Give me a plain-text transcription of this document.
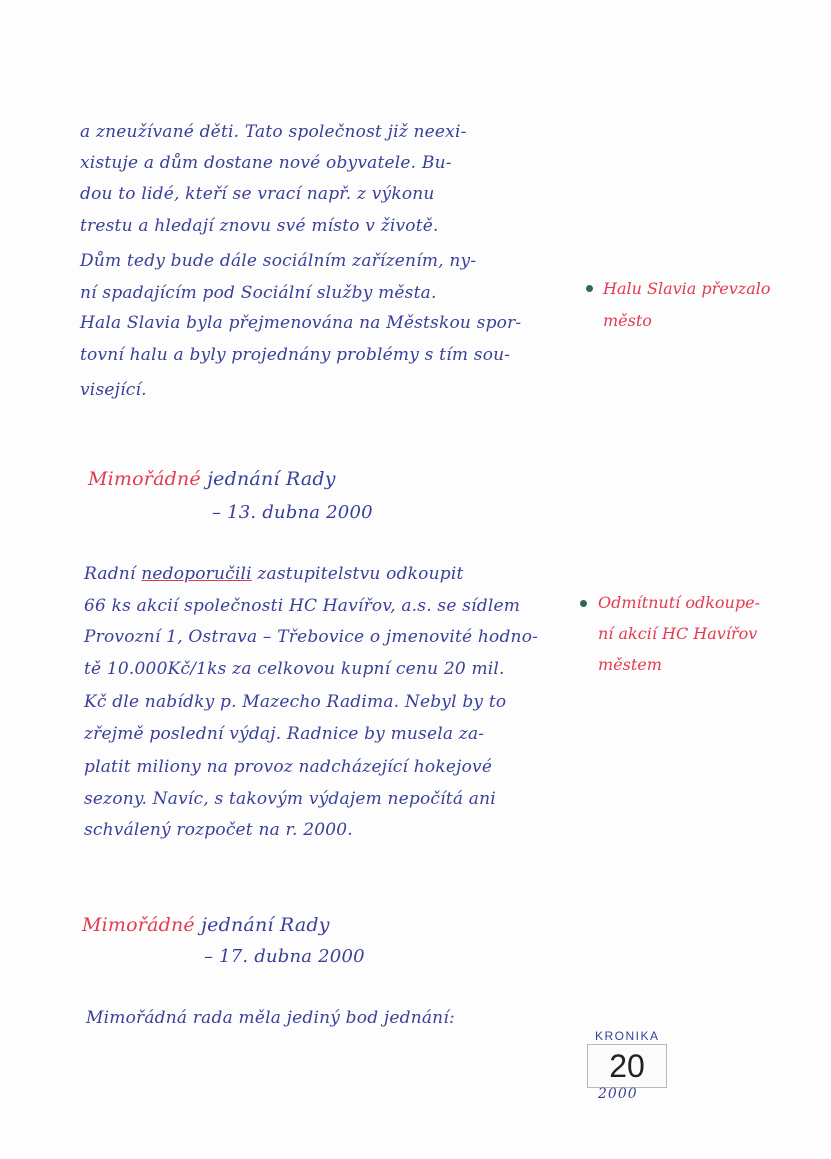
a zneužívané děti. Tato společnost již neexi-
xistuje a dům dostane nové obyvatele. Bu-
dou to lidé, kteří se vrací např. z výkonu
trestu a hledají znovu své místo v životě.
Dům tedy bude dále sociálním zařízením, ny-
ní spadajícím pod Sociální služby města.
Hala Slavia byla přejmenována na Městskou spor-
tovní halu a byly projednány problémy s tím sou-
visející.
Halu Slavia převzalo
město
Mimořádné jednání Rady
– 13. dubna 2000
Radní nedoporučili zastupitelstvu odkoupit
66 ks akcií společnosti HC Havířov, a.s. se sídlem
Provozní 1, Ostrava – Třebovice o jmenovité hodno-
tě 10.000Kč/1ks za celkovou kupní cenu 20 mil.
Kč dle nabídky p. Mazecho Radima. Nebyl by to
zřejmě poslední výdaj. Radnice by musela za-
platit miliony na provoz nadcházející hokejové
sezony. Navíc, s takovým výdajem nepočítá ani
schválený rozpočet na r. 2000.
Odmítnutí odkoupe-
ní akcií HC Havířov
městem
Mimořádné jednání Rady
– 17. dubna 2000
Mimořádná rada měla jediný bod jednání:
KRONIKA
20
2000
